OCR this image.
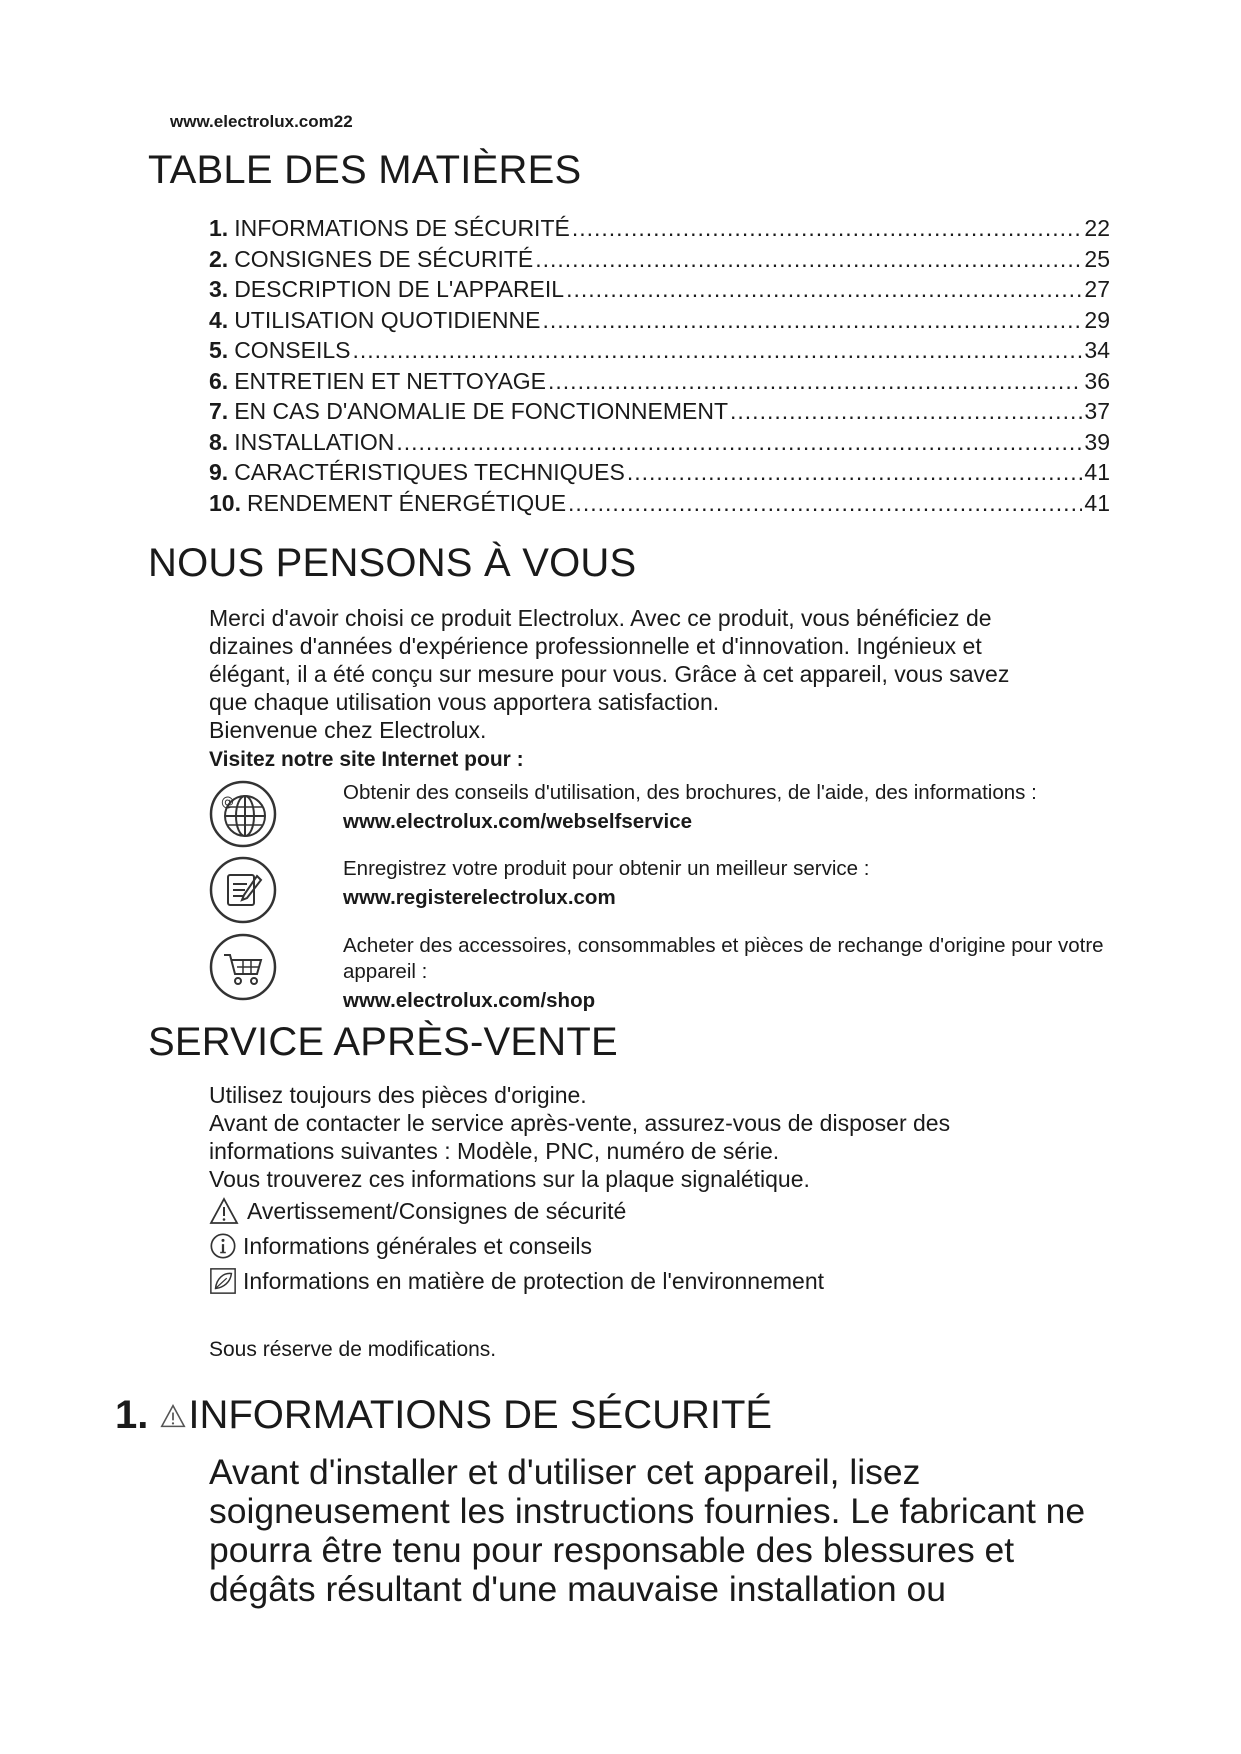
www.electrolux.com22
TABLE DES MATIÈRES
1. INFORMATIONS DE SÉCURITÉ .....	22
2. CONSIGNES DE SÉCURITÉ .....	25
3. DESCRIPTION DE L'APPAREIL .....	27
4. UTILISATION QUOTIDIENNE .....	29
5. CONSEILS .....	34
6. ENTRETIEN ET NETTOYAGE .....	36
7. EN CAS D'ANOMALIE DE FONCTIONNEMENT .....	37
8. INSTALLATION .....	39
9. CARACTÉRISTIQUES TECHNIQUES .....	41
10. RENDEMENT ÉNERGÉTIQUE .....	41
NOUS PENSONS À VOUS

Merci d'avoir choisi ce produit Electrolux. Avec ce produit, vous bénéficiez de

dizaines d'années d'expérience professionnelle et d'innovation. Ingénieux et

élégant, il a été conçu sur mesure pour vous. Grâce à cet appareil, vous savez

que chaque utilisation vous apportera satisfaction.

Bienvenue chez Electrolux.

Visitez notre site Internet pour :
@	Obtenir des conseils d'utilisation, des brochures, de l'aide, des informations :
www.electrolux.com/webselfservice
Enregistrez votre produit pour obtenir un meilleur service :
www.registerelectrolux.com
Acheter des accessoires, consommables et pièces de rechange d'origine pour votre appareil :
www.electrolux.com/shop
SERVICE APRÈS-VENTE

Utilisez toujours des pièces d'origine.

Avant de contacter le service après-vente, assurez-vous de disposer des

informations suivantes : Modèle, PNC, numéro de série.

Vous trouverez ces informations sur la plaque signalétique.

Avertissement/Consignes de sécurité
Informations générales et conseils
Informations en matière de protection de l'environnement
Sous réserve de modifications.
1. INFORMATIONS DE SÉCURITÉ
Avant d'installer et d'utiliser cet appareil, lisez soigneusement les instructions fournies. Le fabricant ne pourra être tenu pour responsable des blessures et dégâts résultant d'une mauvaise installation ou
